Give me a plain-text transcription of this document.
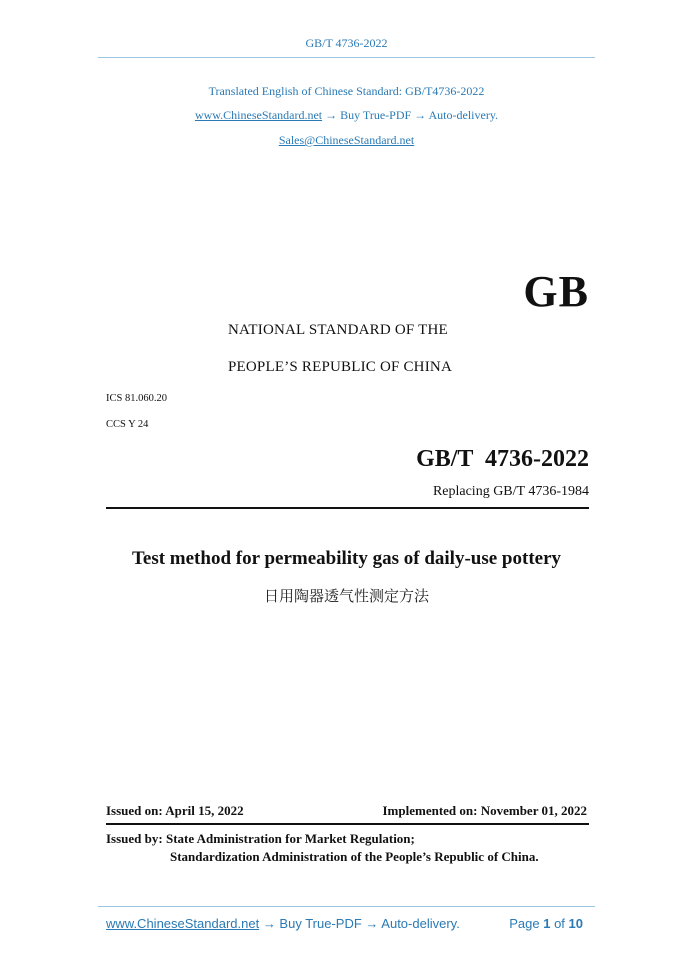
GB/T 4736-2022
Translated English of Chinese Standard: GB/T4736-2022
www.ChineseStandard.net → Buy True-PDF → Auto-delivery.
Sales@ChineseStandard.net
GB
NATIONAL STANDARD OF THE
PEOPLE’S REPUBLIC OF CHINA
ICS 81.060.20
CCS Y 24
GB/T  4736-2022
Replacing GB/T 4736-1984
Test method for permeability gas of daily-use pottery
日用陶器透气性测定方法
Issued on: April 15, 2022	Implemented on: November 01, 2022
Issued by: State Administration for Market Regulation;
Standardization Administration of the People’s Republic of China.
www.ChineseStandard.net → Buy True-PDF → Auto-delivery.	Page 1 of 10
